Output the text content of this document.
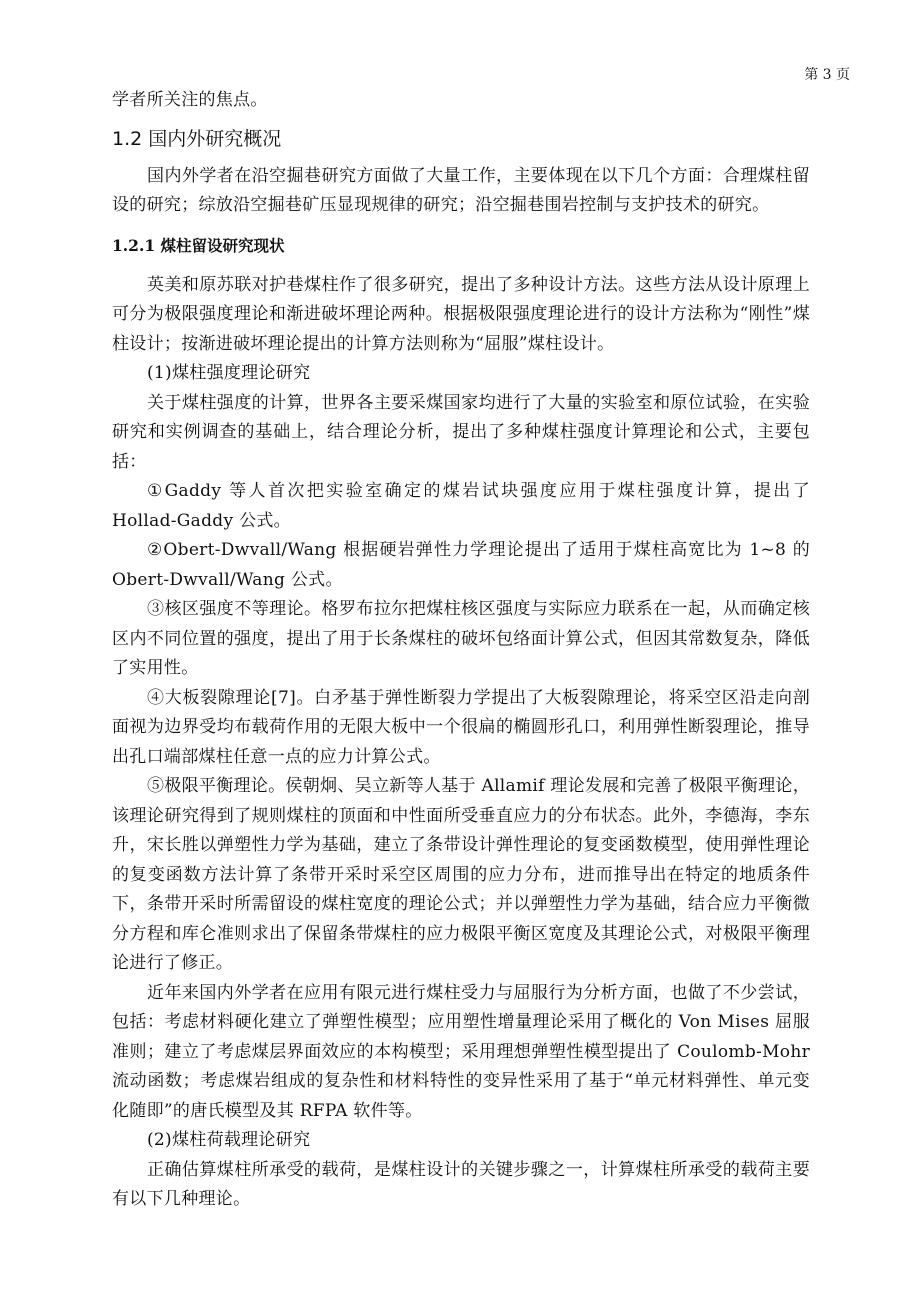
第 3 页

学者所关注的焦点。

1.2 国内外研究概况

国内外学者在沿空掘巷研究方面做了大量工作，主要体现在以下几个方面：合理煤柱留设的研究；综放沿空掘巷矿压显现规律的研究；沿空掘巷围岩控制与支护技术的研究。

1.2.1 煤柱留设研究现状

英美和原苏联对护巷煤柱作了很多研究，提出了多种设计方法。这些方法从设计原理上可分为极限强度理论和渐进破坏理论两种。根据极限强度理论进行的设计方法称为“刚性”煤柱设计；按渐进破坏理论提出的计算方法则称为“屈服”煤柱设计。

(1)煤柱强度理论研究

关于煤柱强度的计算，世界各主要采煤国家均进行了大量的实验室和原位试验，在实验研究和实例调查的基础上，结合理论分析，提出了多种煤柱强度计算理论和公式，主要包括：

①Gaddy 等人首次把实验室确定的煤岩试块强度应用于煤柱强度计算，提出了 Hollad-Gaddy 公式。

②Obert-Dwvall/Wang 根据硬岩弹性力学理论提出了适用于煤柱高宽比为 1~8 的 Obert-Dwvall/Wang 公式。

③核区强度不等理论。格罗布拉尔把煤柱核区强度与实际应力联系在一起，从而确定核区内不同位置的强度，提出了用于长条煤柱的破坏包络面计算公式，但因其常数复杂，降低了实用性。

④大板裂隙理论[7]。白矛基于弹性断裂力学提出了大板裂隙理论，将采空区沿走向剖面视为边界受均布载荷作用的无限大板中一个很扁的椭圆形孔口，利用弹性断裂理论，推导出孔口端部煤柱任意一点的应力计算公式。

⑤极限平衡理论。侯朝炯、吴立新等人基于 Allamif 理论发展和完善了极限平衡理论，该理论研究得到了规则煤柱的顶面和中性面所受垂直应力的分布状态。此外，李德海，李东升，宋长胜以弹塑性力学为基础，建立了条带设计弹性理论的复变函数模型，使用弹性理论的复变函数方法计算了条带开采时采空区周围的应力分布，进而推导出在特定的地质条件下，条带开采时所需留设的煤柱宽度的理论公式；并以弹塑性力学为基础，结合应力平衡微分方程和库仑准则求出了保留条带煤柱的应力极限平衡区宽度及其理论公式，对极限平衡理论进行了修正。

近年来国内外学者在应用有限元进行煤柱受力与屈服行为分析方面，也做了不少尝试，包括：考虑材料硬化建立了弹塑性模型；应用塑性增量理论采用了概化的 Von Mises 屈服准则；建立了考虑煤层界面效应的本构模型；采用理想弹塑性模型提出了 Coulomb-Mohr 流动函数；考虑煤岩组成的复杂性和材料特性的变异性采用了基于“单元材料弹性、单元变化随即”的唐氏模型及其 RFPA 软件等。

(2)煤柱荷载理论研究

正确估算煤柱所承受的载荷，是煤柱设计的关键步骤之一，计算煤柱所承受的载荷主要有以下几种理论。
